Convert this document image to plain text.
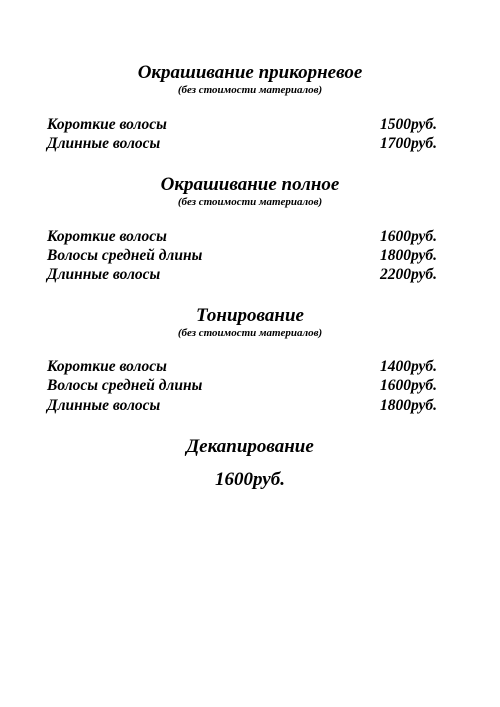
Окрашивание прикорневое
(без стоимости материалов)
Короткие волосы	1500руб.
Длинные волосы	1700руб.
Окрашивание полное
(без стоимости материалов)
Короткие волосы	1600руб.
Волосы средней длины	1800руб.
Длинные волосы	2200руб.
Тонирование
(без стоимости материалов)
Короткие волосы	1400руб.
Волосы средней длины	1600руб.
Длинные волосы	1800руб.
Декапирование
1600руб.
